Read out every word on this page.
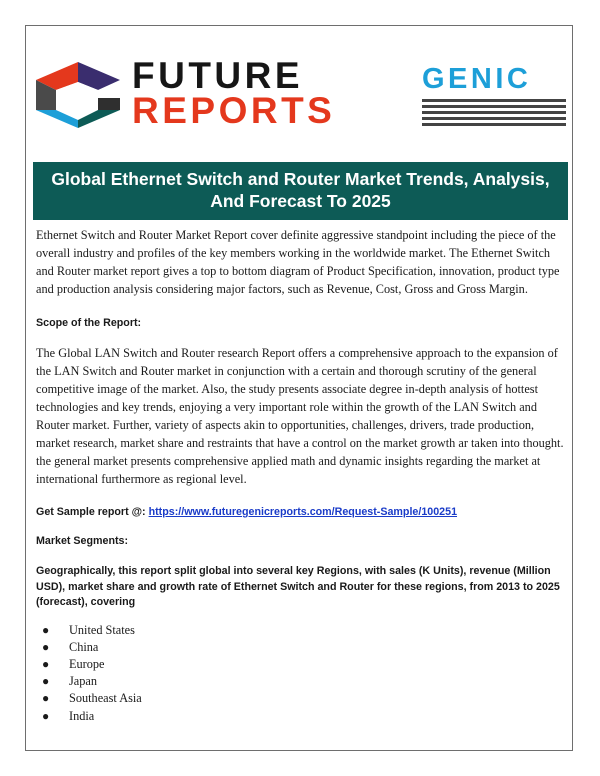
FUTURE
REPORTS
GENIC
Global Ethernet Switch and Router Market Trends, Analysis,
And Forecast To 2025

Ethernet Switch and Router Market Report cover definite aggressive standpoint including the piece of the overall industry and profiles of the key members working in the worldwide market. The Ethernet Switch and Router market report gives a top to bottom diagram of Product Specification, innovation, product type and production analysis considering major factors, such as Revenue, Cost, Gross and Gross Margin.

Scope of the Report:

The Global LAN Switch and Router research Report offers a comprehensive approach to the expansion of the LAN Switch and Router market in conjunction with a certain and thorough scrutiny of the general competitive image of the market. Also, the study presents associate degree in-depth analysis of hottest technologies and key trends, enjoying a very important role within the growth of the LAN Switch and Router market. Further, variety of aspects akin to opportunities, challenges, drivers, trade production, market research, market share and restraints that have a control on the market growth ar taken into thought. the general market presents comprehensive applied math and dynamic insights regarding the market at international furthermore as regional level.

Get Sample report @: https://www.futuregenicreports.com/Request-Sample/100251

Market Segments:

Geographically, this report split global into several key Regions, with sales (K Units), revenue (Million USD), market share and growth rate of Ethernet Switch and Router for these regions, from 2013 to 2025 (forecast), covering

● United States
● China
● Europe
● Japan
● Southeast Asia
● India
